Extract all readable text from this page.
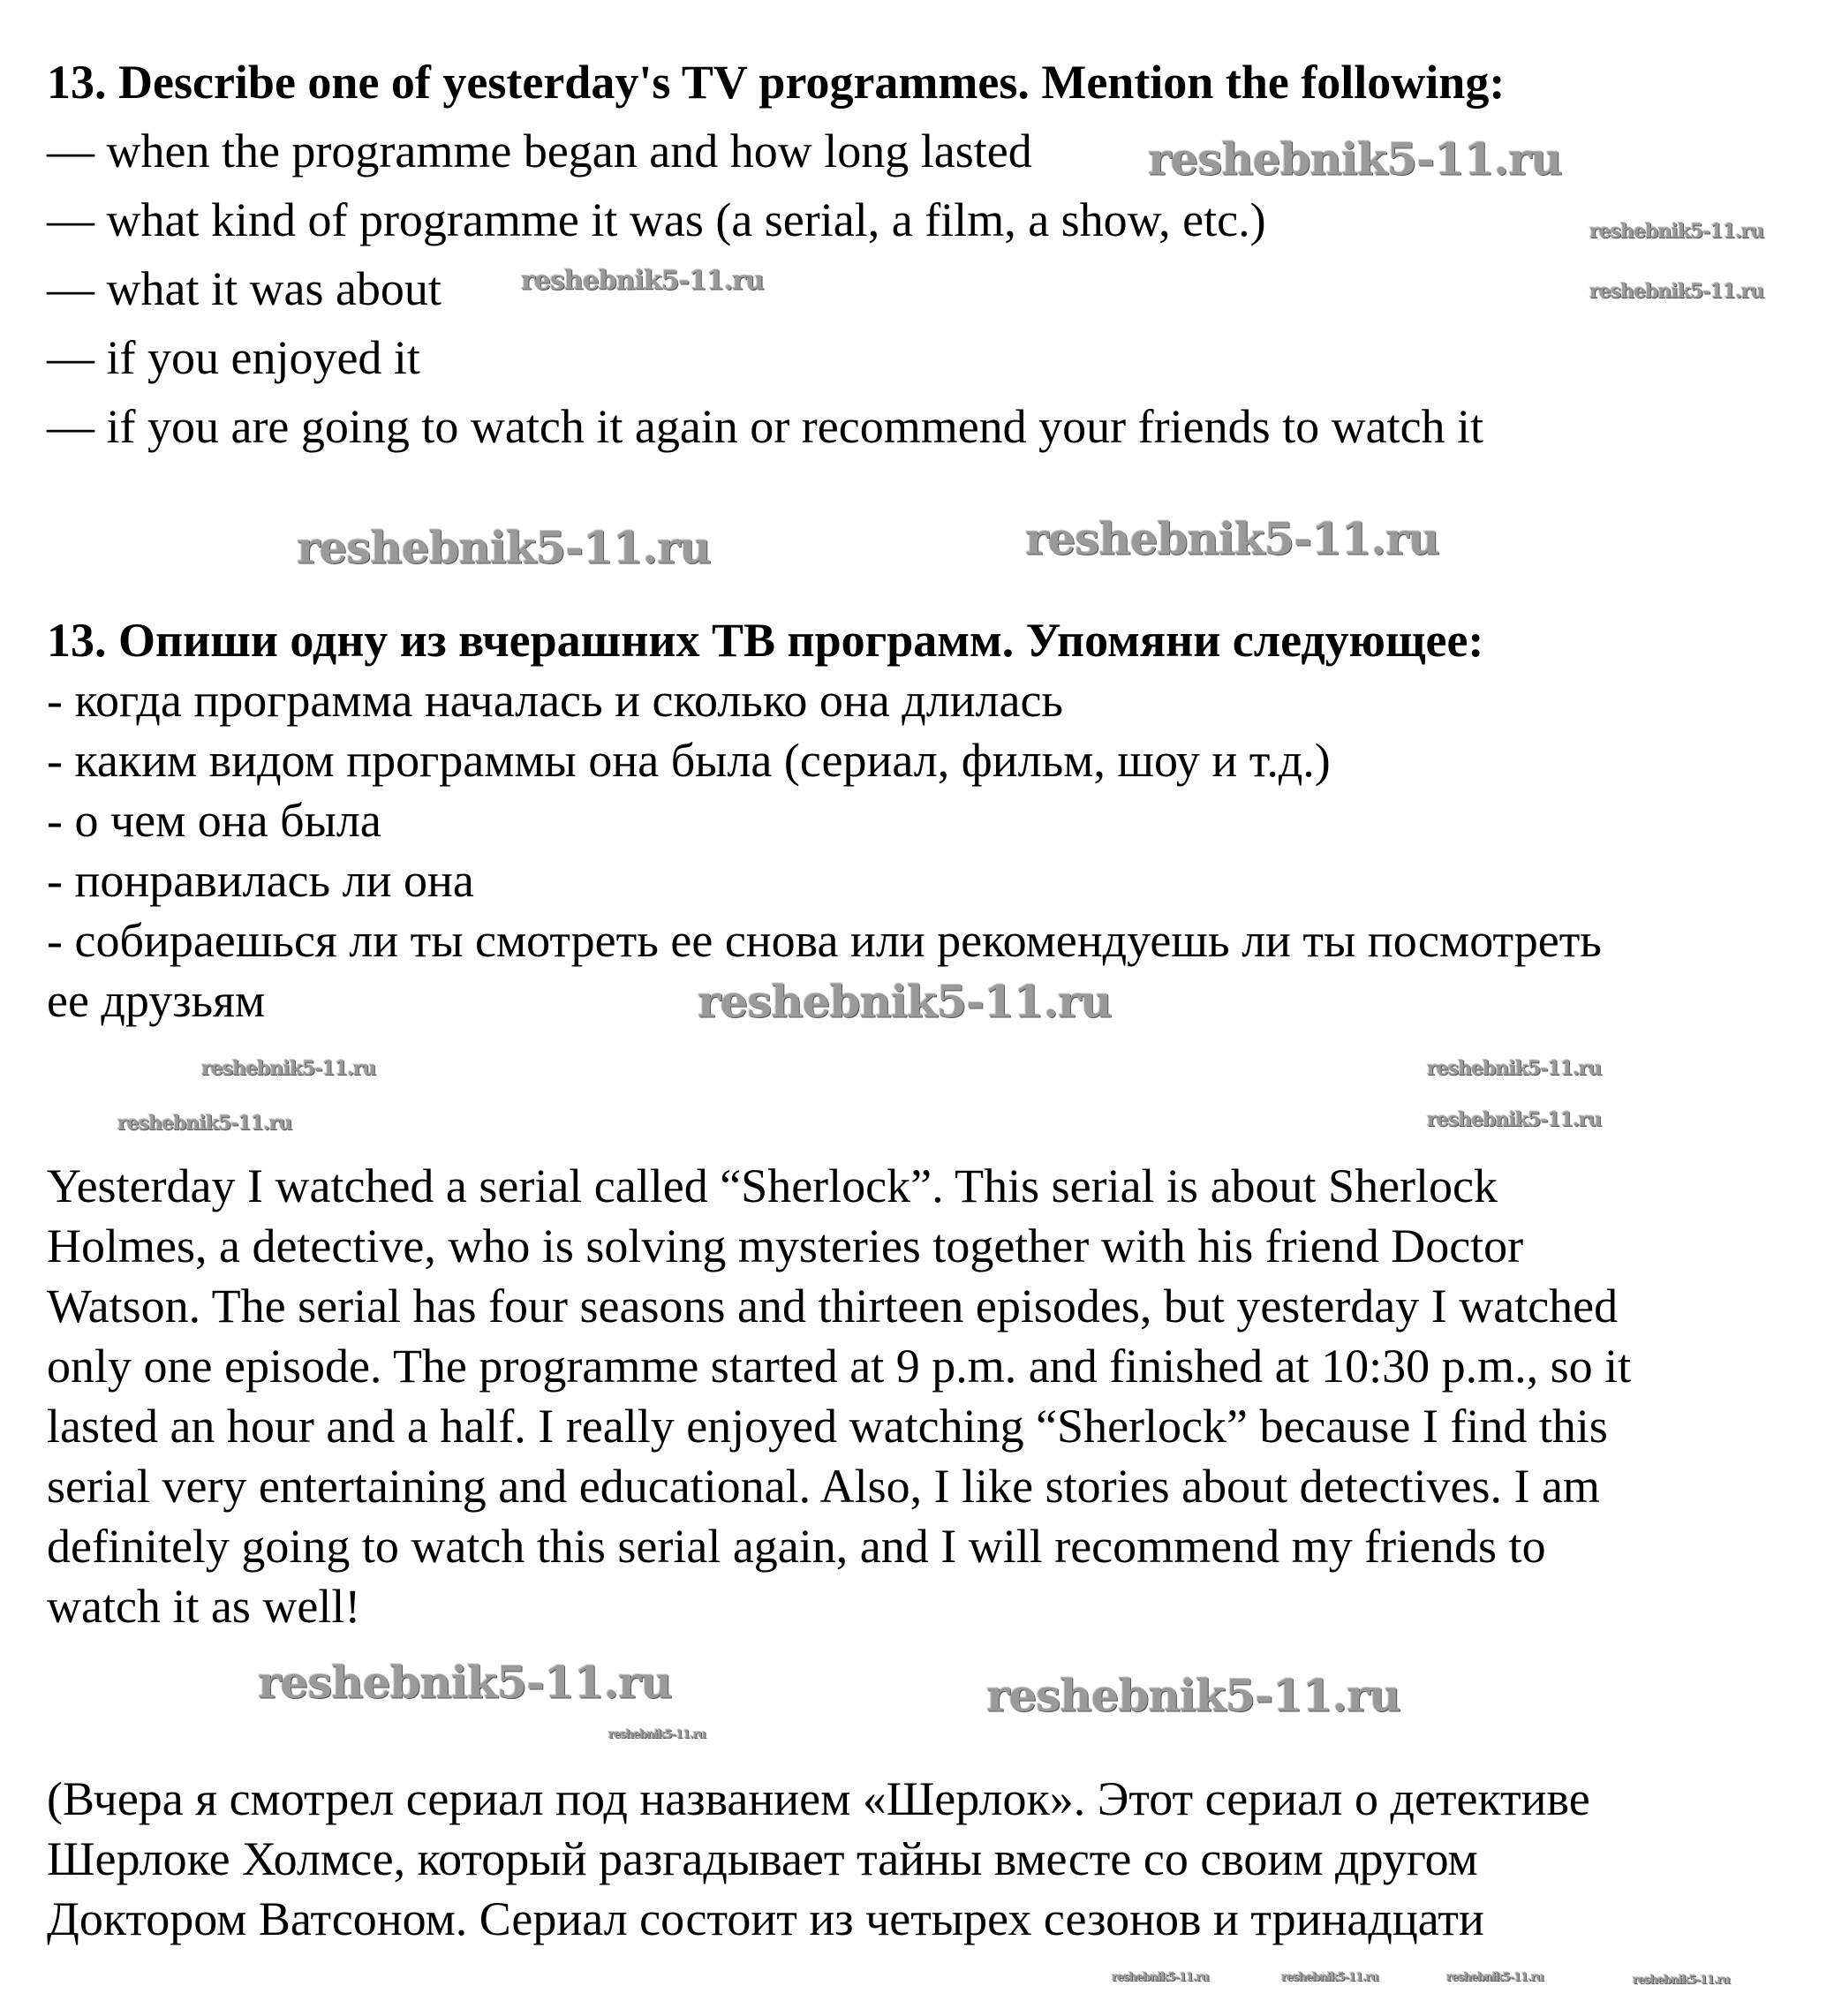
13. Describe one of yesterday's TV programmes. Mention the following:
— when the programme began and how long lasted
— what kind of programme it was (a serial, a film, a show, etc.)
— what it was about
— if you enjoyed it
— if you are going to watch it again or recommend your friends to watch it
13. Опиши одну из вчерашних ТВ программ. Упомяни следующее:
- когда программа началась и сколько она длилась
- каким видом программы она была (сериал, фильм, шоу и т.д.)
- о чем она была
- понравилась ли она
- собираешься ли ты смотреть ее снова или рекомендуешь ли ты посмотреть
ее друзьям
Yesterday I watched a serial called “Sherlock”. This serial is about Sherlock
Holmes, a detective, who is solving mysteries together with his friend Doctor
Watson. The serial has four seasons and thirteen episodes, but yesterday I watched
only one episode. The programme started at 9 p.m. and finished at 10:30 p.m., so it
lasted an hour and a half. I really enjoyed watching “Sherlock” because I find this
serial very entertaining and educational. Also, I like stories about detectives. I am
definitely going to watch this serial again, and I will recommend my friends to
watch it as well!
(Вчера я смотрел сериал под названием «Шерлок». Этот сериал о детективе
Шерлоке Холмсе, который разгадывает тайны вместе со своим другом
Доктором Ватсоном. Сериал состоит из четырех сезонов и тринадцати
reshebnik5-11.ru
reshebnik5-11.ru
reshebnik5-11.ru
reshebnik5-11.ru
reshebnik5-11.ru	reshebnik5-11.ru
reshebnik5-11.ru	reshebnik5-11.ru
reshebnik5-11.ru
reshebnik5-11.ru	reshebnik5-11.ru
reshebnik5-11.ru
reshebnik5-11.ru
reshebnik5-11.ru
reshebnik5-11.ru	reshebnik5-11.ru	reshebnik5-11.ru	reshebnik5-11.ru
